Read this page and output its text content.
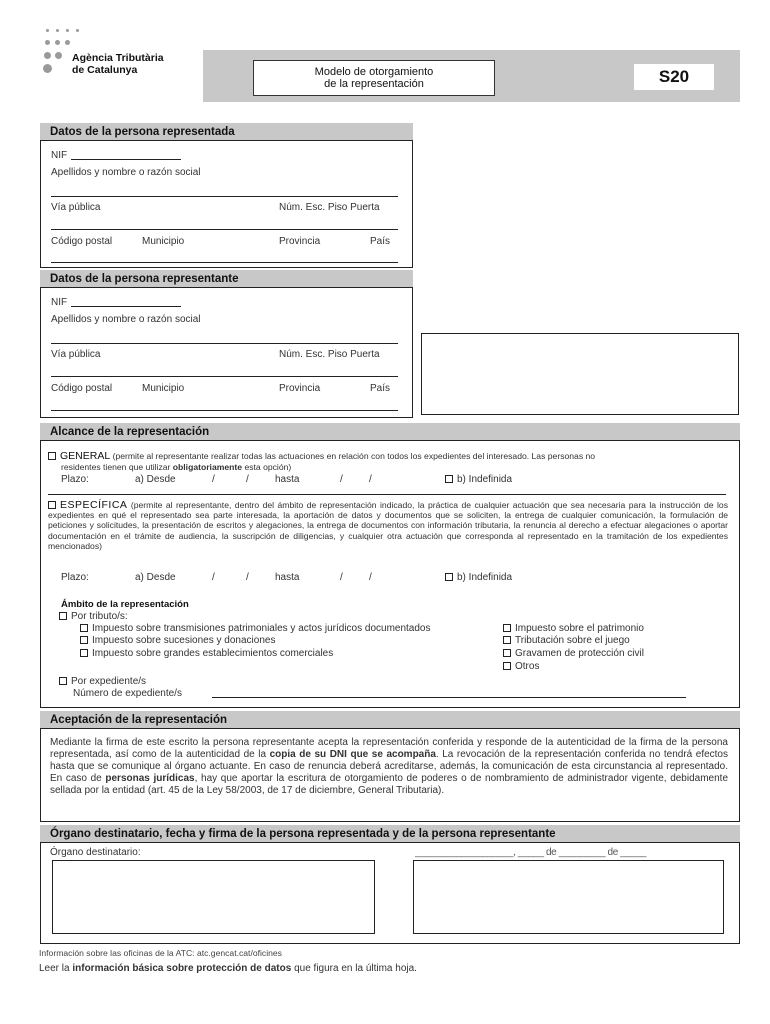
Agència Tributària
de Catalunya	Modelo de otorgamiento
de la representación	S20
Datos de la persona representada
NIF
Apellidos y nombre o razón social
Vía pública	Núm. Esc. Piso Puerta
Código postal	Municipio	Provincia	País
Datos de la persona representante
NIF
Apellidos y nombre o razón social
Vía pública	Núm. Esc. Piso Puerta
Código postal	Municipio	Provincia	País
Alcance de la representación
GENERAL (permite al representante realizar todas las actuaciones en relación con todos los expedientes del interesado. Las personas no
residentes tienen que utilizar obligatoriamente esta opción)
Plazo:	a) Desde	/	/	hasta	/	/	b) Indefinida
ESPECÍFICA (permite al representante, dentro del ámbito de representación indicado, la práctica de cualquier actuación que sea necesaria para la instrucción de los expedientes en qué el representado sea parte interesada, la aportación de datos y documentos que se soliciten, la entrega de cualquier comunicación, la formulación de peticiones y solicitudes, la presentación de escritos y alegaciones, la entrega de documentos con información tributaria, la renuncia al derecho a efectuar alegaciones o aportar documentación en el trámite de audiencia, la suscripción de diligencias, y cualquier otra actuación que corresponda al representado en la tramitación de los expedientes mencionados)
Plazo:	a) Desde	/	/	hasta	/	/	b) Indefinida
Ámbito de la representación
Por tributo/s:
Impuesto sobre transmisiones patrimoniales y actos jurídicos documentados
Impuesto sobre sucesiones y donaciones
Impuesto sobre grandes establecimientos comerciales
Impuesto sobre el patrimonio
Tributación sobre el juego
Gravamen de protección civil
Otros
Por expediente/s
Número de expediente/s
Aceptación de la representación
Mediante la firma de este escrito la persona representante acepta la representación conferida y responde de la autenticidad de la firma de la persona representada, así como de la autenticidad de la copia de su DNI que se acompaña. La revocación de la representación conferida no tendrá efectos hasta que se comunique al órgano actuante. En caso de renuncia deberá acreditarse, además, la comunicación de esta circunstancia al representado. En caso de personas jurídicas, hay que aportar la escritura de otorgamiento de poderes o de nombramiento de administrador vigente, debidamente sellada por la entidad (art. 45 de la Ley 58/2003, de 17 de diciembre, General Tributaria).
Órgano destinatario, fecha y firma de la persona representada y de la persona representante
Órgano destinatario:	___________________, _____ de _________ de _____
Información sobre las oficinas de la ATC: atc.gencat.cat/oficines
Leer la información básica sobre protección de datos que figura en la última hoja.
